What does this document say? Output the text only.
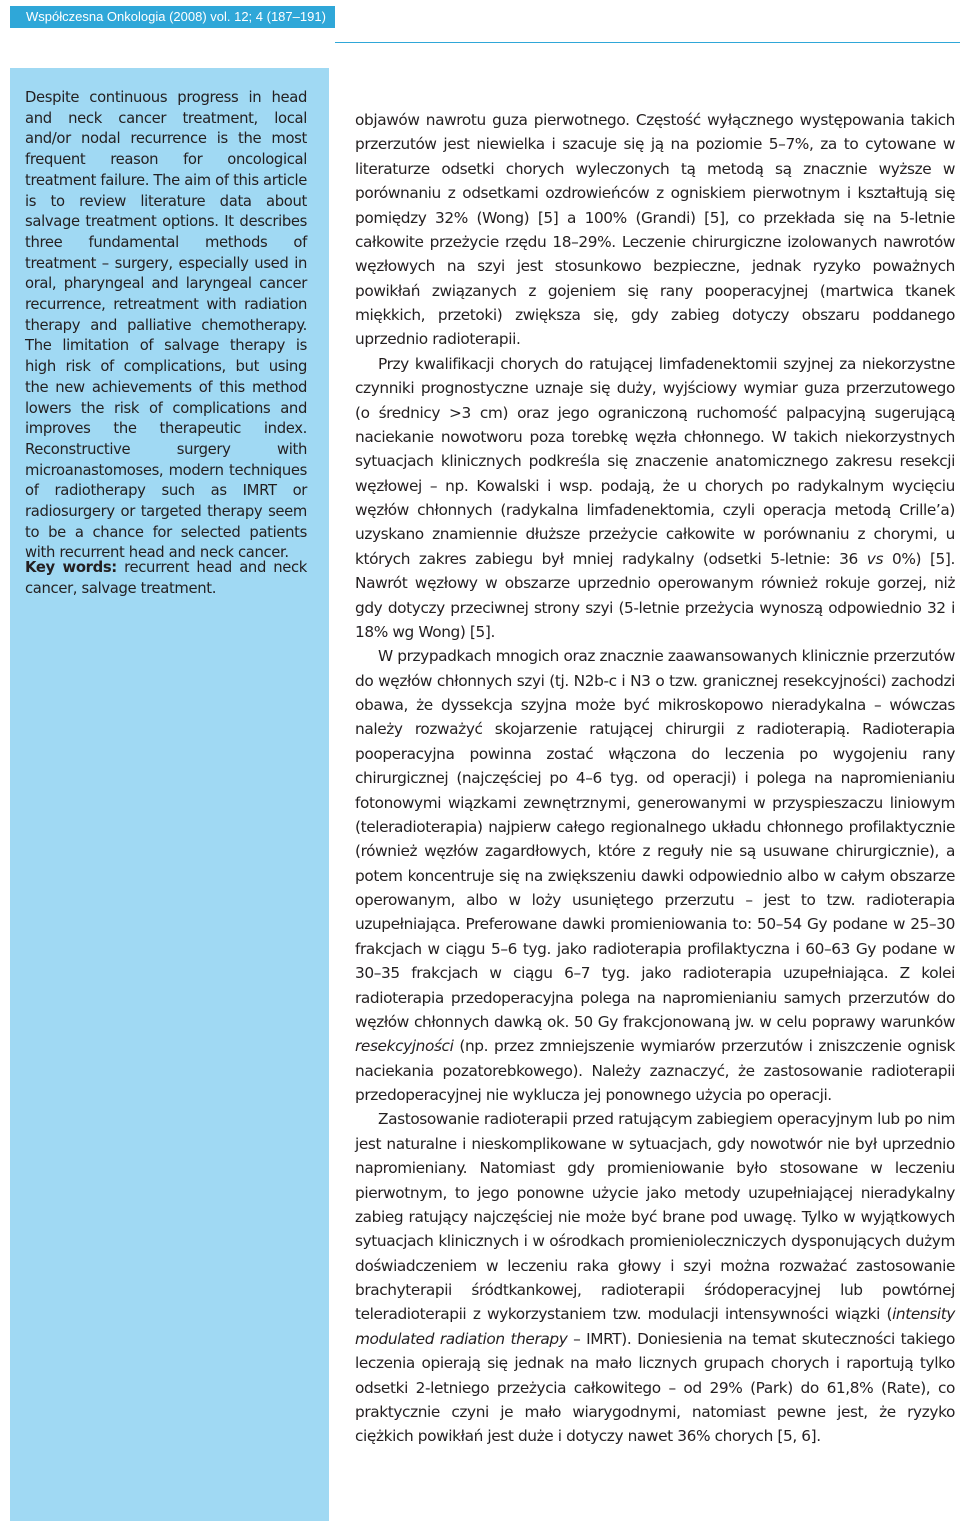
Współczesna Onkologia (2008) vol. 12; 4 (187–191)

Despite continuous progress in head and neck cancer treatment, local and/or nodal recurrence is the most frequent reason for oncological treatment failure. The aim of this article is to review literature data about salvage treatment options. It describes three fundamental methods of treatment – surgery, especially used in oral, pharyngeal and laryngeal cancer recurrence, retreatment with radiation therapy and palliative chemotherapy. The limitation of salvage therapy is high risk of complications, but using the new achievements of this method lowers the risk of complications and improves the therapeutic index. Reconstructive surgery with microanastomoses, modern techniques of radiotherapy such as IMRT or radiosurgery or targeted therapy seem to be a chance for selected patients with recurrent head and neck cancer.

Key words: recurrent head and neck cancer, salvage treatment.

objawów nawrotu guza pierwotnego. Częstość wyłącznego występowania takich przerzutów jest niewielka i szacuje się ją na poziomie 5–7%, za to cytowane w literaturze odsetki chorych wyleczonych tą metodą są znacznie wyższe w porównaniu z odsetkami ozdrowieńców z ogniskiem pierwotnym i kształtują się pomiędzy 32% (Wong) [5] a 100% (Grandi) [5], co przekłada się na 5-letnie całkowite przeżycie rzędu 18–29%. Leczenie chirurgiczne izolowanych nawrotów węzłowych na szyi jest stosunkowo bezpieczne, jednak ryzyko poważnych powikłań związanych z gojeniem się rany pooperacyjnej (martwica tkanek miękkich, przetoki) zwiększa się, gdy zabieg dotyczy obszaru poddanego uprzednio radioterapii.

Przy kwalifikacji chorych do ratującej limfadenektomii szyjnej za niekorzystne czynniki prognostyczne uznaje się duży, wyjściowy wymiar guza przerzutowego (o średnicy >3 cm) oraz jego ograniczoną ruchomość palpacyjną sugerującą naciekanie nowotworu poza torebkę węzła chłonnego. W takich niekorzystnych sytuacjach klinicznych podkreśla się znaczenie anatomicznego zakresu resekcji węzłowej – np. Kowalski i wsp. podają, że u chorych po radykalnym wycięciu węzłów chłonnych (radykalna limfadenektomia, czyli operacja metodą Crille’a) uzyskano znamiennie dłuższe przeżycie całkowite w porównaniu z chorymi, u których zakres zabiegu był mniej radykalny (odsetki 5-letnie: 36 vs 0%) [5]. Nawrót węzłowy w obszarze uprzednio operowanym również rokuje gorzej, niż gdy dotyczy przeciwnej strony szyi (5-letnie przeżycia wynoszą odpowiednio 32 i 18% wg Wong) [5].

W przypadkach mnogich oraz znacznie zaawansowanych klinicznie przerzutów do węzłów chłonnych szyi (tj. N2b-c i N3 o tzw. granicznej resekcyjności) zachodzi obawa, że dyssekcja szyjna może być mikroskopowo nieradykalna – wówczas należy rozważyć skojarzenie ratującej chirurgii z radioterapią. Radioterapia pooperacyjna powinna zostać włączona do leczenia po wygojeniu rany chirurgicznej (najczęściej po 4–6 tyg. od operacji) i polega na napromienianiu fotonowymi wiązkami zewnętrznymi, generowanymi w przyspieszaczu liniowym (teleradioterapia) najpierw całego regionalnego układu chłonnego profilaktycznie (również węzłów zagardłowych, które z reguły nie są usuwane chirurgicznie), a potem koncentruje się na zwiększeniu dawki odpowiednio albo w całym obszarze operowanym, albo w loży usuniętego przerzutu – jest to tzw. radioterapia uzupełniająca. Preferowane dawki promieniowania to: 50–54 Gy podane w 25–30 frakcjach w ciągu 5–6 tyg. jako radioterapia profilaktyczna i 60–63 Gy podane w 30–35 frakcjach w ciągu 6–7 tyg. jako radioterapia uzupełniająca. Z kolei radioterapia przedoperacyjna polega na napromienianiu samych przerzutów do węzłów chłonnych dawką ok. 50 Gy frakcjonowaną jw. w celu poprawy warunków resekcyjności (np. przez zmniejszenie wymiarów przerzutów i zniszczenie ognisk naciekania pozatorebkowego). Należy zaznaczyć, że zastosowanie radioterapii przedoperacyjnej nie wyklucza jej ponownego użycia po operacji.

Zastosowanie radioterapii przed ratującym zabiegiem operacyjnym lub po nim jest naturalne i nieskomplikowane w sytuacjach, gdy nowotwór nie był uprzednio napromieniany. Natomiast gdy promieniowanie było stosowane w leczeniu pierwotnym, to jego ponowne użycie jako metody uzupełniającej nieradykalny zabieg ratujący najczęściej nie może być brane pod uwagę. Tylko w wyjątkowych sytuacjach klinicznych i w ośrodkach promienioleczniczych dysponujących dużym doświadczeniem w leczeniu raka głowy i szyi można rozważać zastosowanie brachyterapii śródtkankowej, radioterapii śródoperacyjnej lub powtórnej teleradioterapii z wykorzystaniem tzw. modulacji intensywności wiązki (intensity modulated radiation therapy – IMRT). Doniesienia na temat skuteczności takiego leczenia opierają się jednak na mało licznych grupach chorych i raportują tylko odsetki 2-letniego przeżycia całkowitego – od 29% (Park) do 61,8% (Rate), co praktycznie czyni je mało wiarygodnymi, natomiast pewne jest, że ryzyko ciężkich powikłań jest duże i dotyczy nawet 36% chorych [5, 6].
